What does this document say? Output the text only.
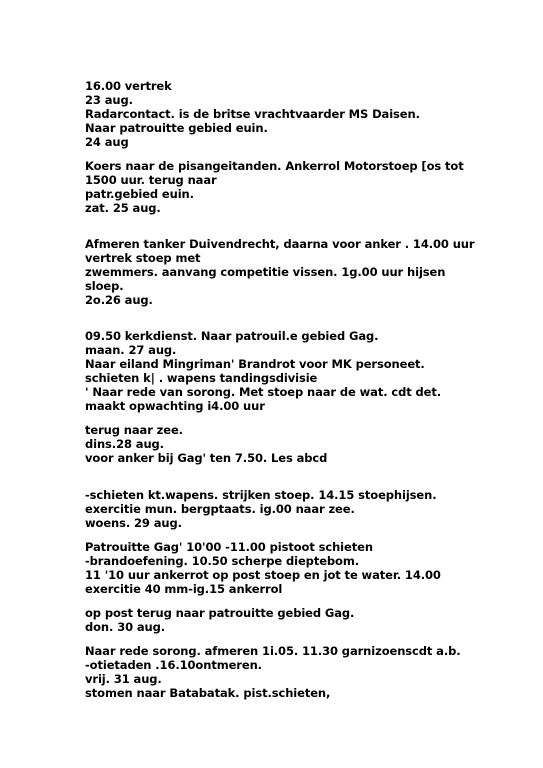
16.00 vertrek
23 aug.
Radarcontact. is de britse vrachtvaarder MS Daisen.
Naar patrouitte gebied euin.
24 aug
Koers naar de pisangeitanden. Ankerrol Motorstoep [os tot
1500 uur. terug naar
patr.gebied euin.
zat. 25 aug.
Afmeren tanker Duivendrecht, daarna voor anker . 14.00 uur
vertrek stoep met
zwemmers. aanvang competitie vissen. 1g.00 uur hijsen
sloep.
2o.26 aug.
09.50 kerkdienst. Naar patrouil.e gebied Gag.
maan. 27 aug.
Naar eiland Mingriman' Brandrot voor MK personeet.
schieten k| . wapens tandingsdivisie
' Naar rede van sorong. Met stoep naar de wat. cdt det.
maakt opwachting i4.00 uur
terug naar zee.
dins.28 aug.
voor anker bij Gag' ten 7.50. Les abcd
-schieten kt.wapens. strijken stoep. 14.15 stoephijsen.
exercitie mun. bergptaats. ig.00 naar zee.
woens. 29 aug.
Patrouitte Gag' 10'00 -11.00 pistoot schieten
-brandoefening. 10.50 scherpe dieptebom.
11 '10 uur ankerrot op post stoep en jot te water. 14.00
exercitie 40 mm-ig.15 ankerrol
op post terug naar patrouitte gebied Gag.
don. 30 aug.
Naar rede sorong. afmeren 1i.05. 11.30 garnizoenscdt a.b.
-otietaden .16.10ontmeren.
vrij. 31 aug.
stomen naar Batabatak. pist.schieten,
